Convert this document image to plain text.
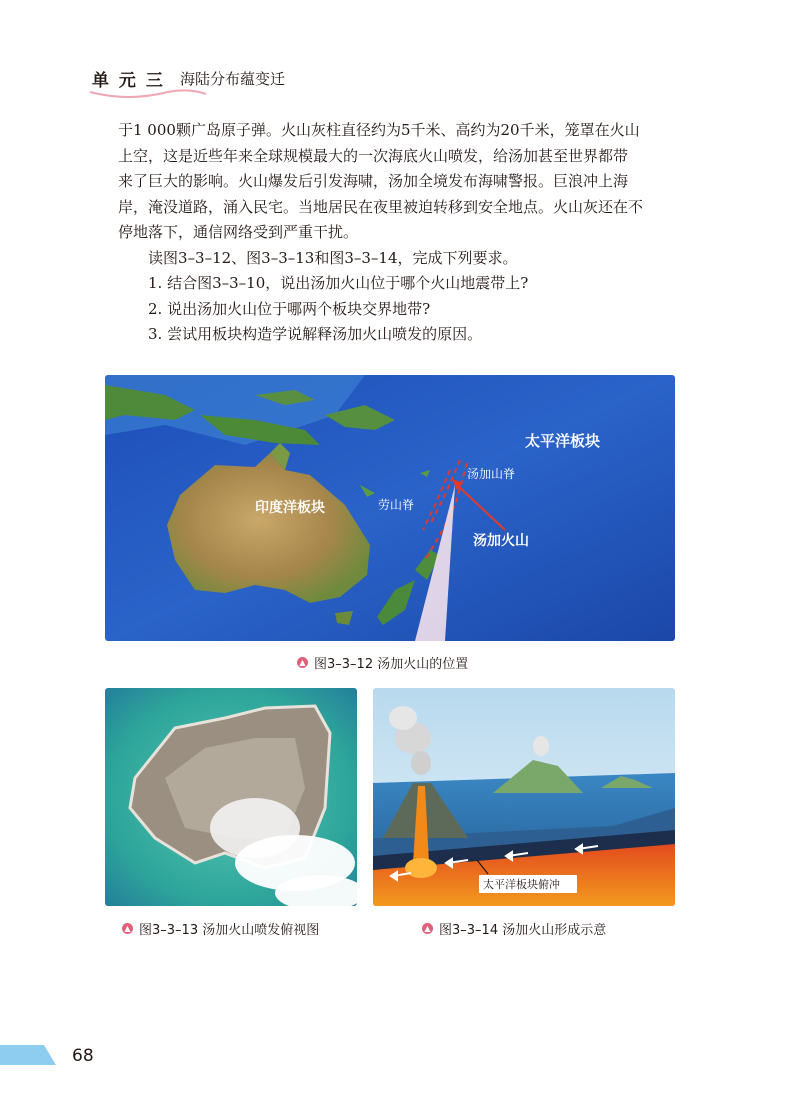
单 元 三 海陆分布蕴变迁

于1 000颗广岛原子弹。火山灰柱直径约为5千米、高约为20千米，笼罩在火山

上空，这是近些年来全球规模最大的一次海底火山喷发，给汤加甚至世界都带

来了巨大的影响。火山爆发后引发海啸，汤加全境发布海啸警报。巨浪冲上海

岸，淹没道路，涌入民宅。当地居民在夜里被迫转移到安全地点。火山灰还在不

停地落下，通信网络受到严重干扰。

读图3–3–12、图3–3–13和图3–3–14，完成下列要求。

1. 结合图3–3–10，说出汤加火山位于哪个火山地震带上?

2. 说出汤加火山位于哪两个板块交界地带?

3. 尝试用板块构造学说解释汤加火山喷发的原因。

太平洋板块
印度洋板块
汤加山脊
劳山脊
汤加火山
▲ 图3–3–12 汤加火山的位置
▲ 图3–3–13 汤加火山喷发俯视图
太平洋板块俯冲
▲ 图3–3–14 汤加火山形成示意
68
